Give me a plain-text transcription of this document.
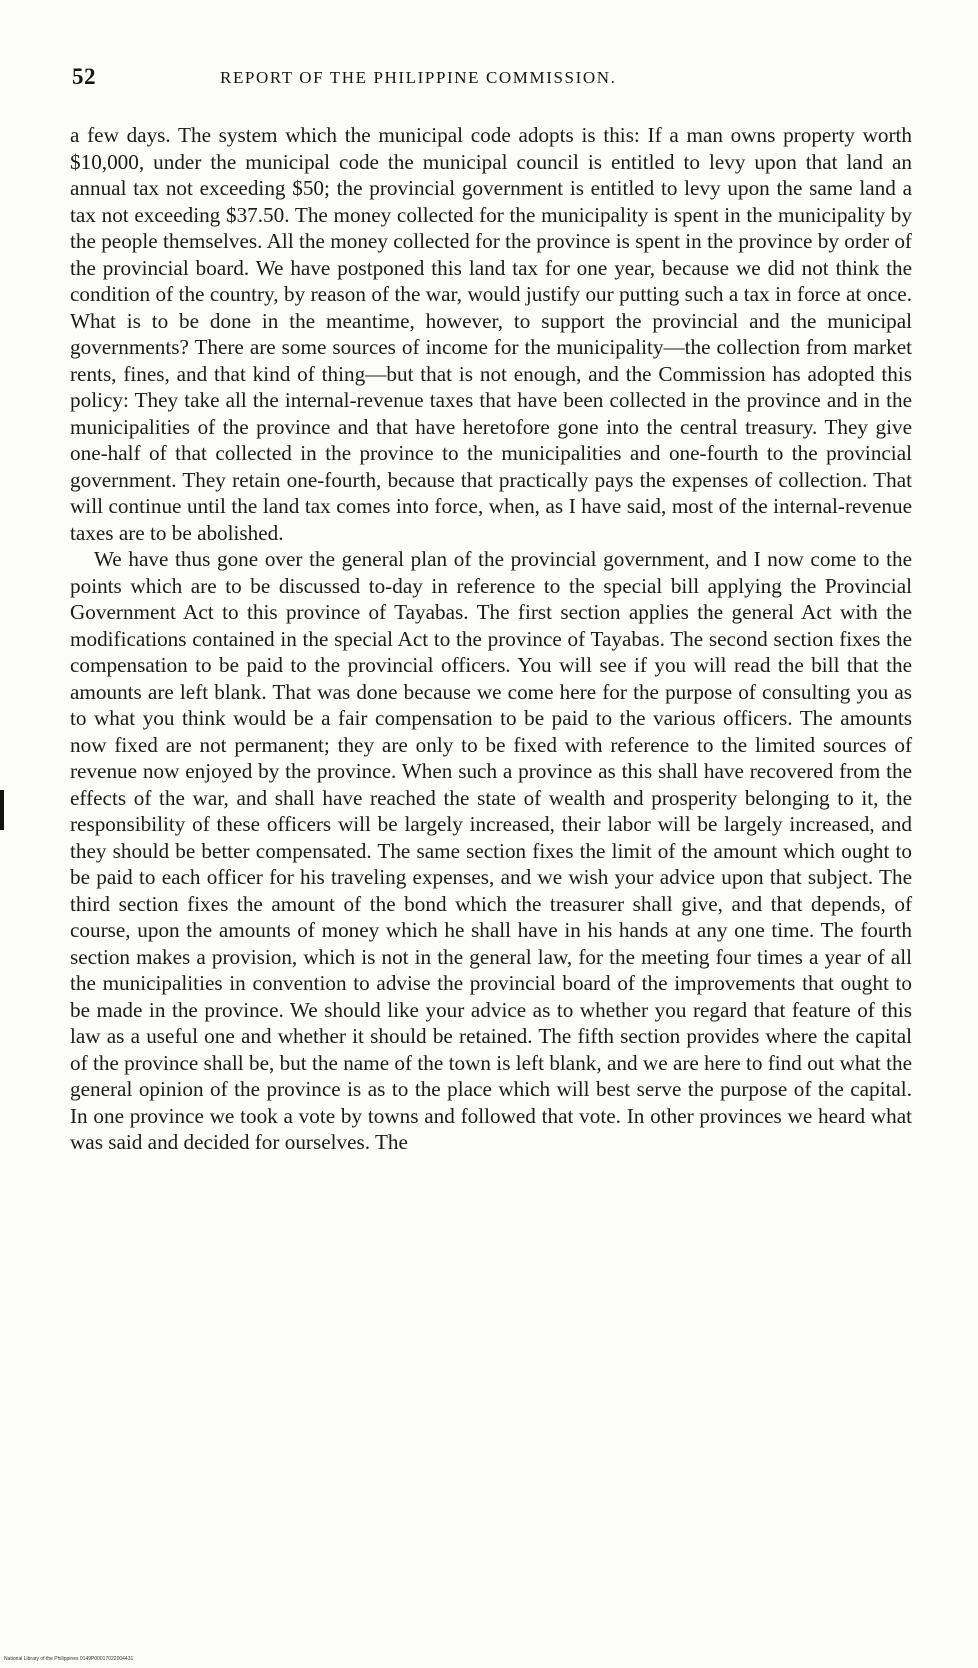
52	REPORT OF THE PHILIPPINE COMMISSION.

a few days. The system which the municipal code adopts is this: If a man owns property worth $10,000, under the municipal code the municipal council is entitled to levy upon that land an annual tax not exceeding $50; the provincial government is entitled to levy upon the same land a tax not exceeding $37.50. The money collected for the municipality is spent in the municipality by the people themselves. All the money collected for the province is spent in the province by order of the provincial board. We have postponed this land tax for one year, because we did not think the condition of the country, by reason of the war, would justify our putting such a tax in force at once. What is to be done in the meantime, however, to support the provincial and the municipal governments? There are some sources of income for the municipality—the collection from market rents, fines, and that kind of thing—but that is not enough, and the Commission has adopted this policy: They take all the internal-revenue taxes that have been collected in the province and in the municipalities of the province and that have heretofore gone into the central treasury. They give one-half of that collected in the province to the municipalities and one-fourth to the provincial government. They retain one-fourth, because that practically pays the expenses of collection. That will continue until the land tax comes into force, when, as I have said, most of the internal-revenue taxes are to be abolished.

We have thus gone over the general plan of the provincial government, and I now come to the points which are to be discussed to-day in reference to the special bill applying the Provincial Government Act to this province of Tayabas. The first section applies the general Act with the modifications contained in the special Act to the province of Tayabas. The second section fixes the compensation to be paid to the provincial officers. You will see if you will read the bill that the amounts are left blank. That was done because we come here for the purpose of consulting you as to what you think would be a fair compensation to be paid to the various officers. The amounts now fixed are not permanent; they are only to be fixed with reference to the limited sources of revenue now enjoyed by the province. When such a province as this shall have recovered from the effects of the war, and shall have reached the state of wealth and prosperity belonging to it, the responsibility of these officers will be largely increased, their labor will be largely increased, and they should be better compensated. The same section fixes the limit of the amount which ought to be paid to each officer for his traveling expenses, and we wish your advice upon that subject. The third section fixes the amount of the bond which the treasurer shall give, and that depends, of course, upon the amounts of money which he shall have in his hands at any one time. The fourth section makes a provision, which is not in the general law, for the meeting four times a year of all the municipalities in convention to advise the provincial board of the improvements that ought to be made in the province. We should like your advice as to whether you regard that feature of this law as a useful one and whether it should be retained. The fifth section provides where the capital of the province shall be, but the name of the town is left blank, and we are here to find out what the general opinion of the province is as to the place which will best serve the purpose of the capital. In one province we took a vote by towns and followed that vote. In other provinces we heard what was said and decided for ourselves. The

National Library of the Philippines 0149P00017022004431
